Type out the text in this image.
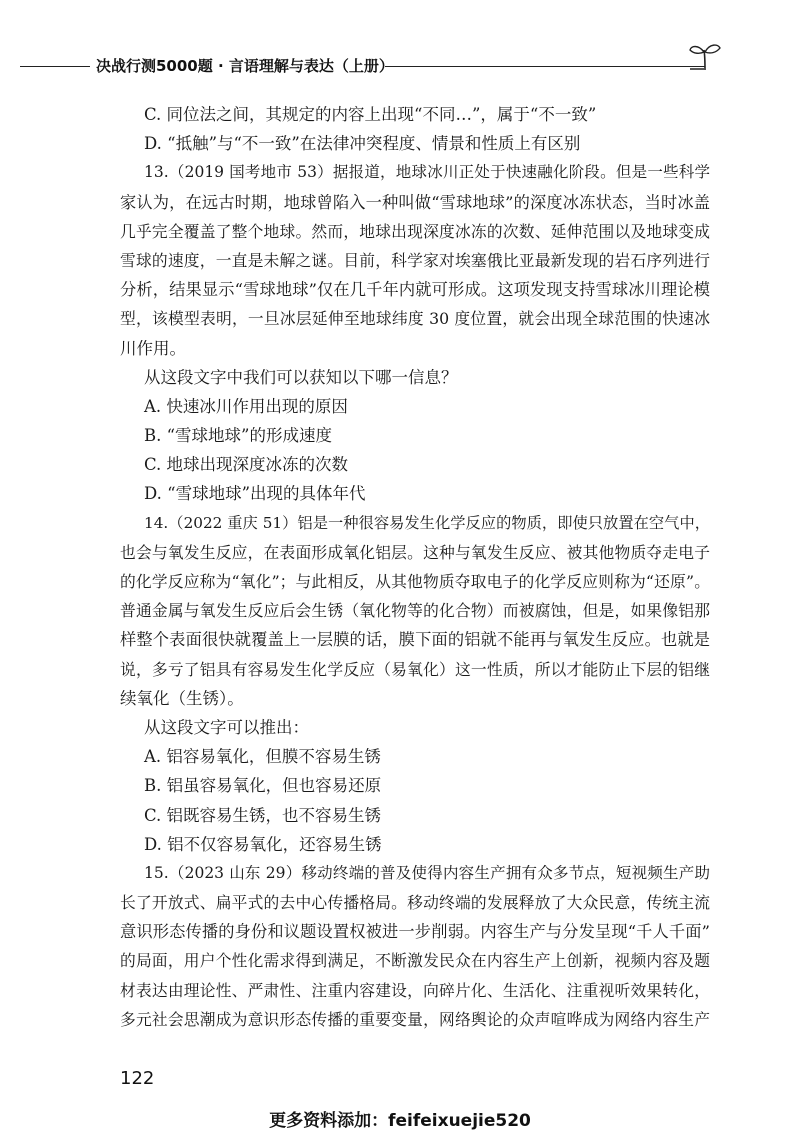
决战行测5000题 · 言语理解与表达（上册）
C. 同位法之间，其规定的内容上出现“不同…”，属于“不一致”
D. “抵触”与“不一致”在法律冲突程度、情景和性质上有区别
13.（2019 国考地市 53）据报道，地球冰川正处于快速融化阶段。但是一些科学
家认为，在远古时期，地球曾陷入一种叫做“雪球地球”的深度冰冻状态，当时冰盖
几乎完全覆盖了整个地球。然而，地球出现深度冰冻的次数、延伸范围以及地球变成
雪球的速度，一直是未解之谜。目前，科学家对埃塞俄比亚最新发现的岩石序列进行
分析，结果显示“雪球地球”仅在几千年内就可形成。这项发现支持雪球冰川理论模
型，该模型表明，一旦冰层延伸至地球纬度 30 度位置，就会出现全球范围的快速冰
川作用。
从这段文字中我们可以获知以下哪一信息？
A. 快速冰川作用出现的原因
B. “雪球地球”的形成速度
C. 地球出现深度冰冻的次数
D. “雪球地球”出现的具体年代
14.（2022 重庆 51）铝是一种很容易发生化学反应的物质，即使只放置在空气中，
也会与氧发生反应，在表面形成氧化铝层。这种与氧发生反应、被其他物质夺走电子
的化学反应称为“氧化”；与此相反，从其他物质夺取电子的化学反应则称为“还原”。
普通金属与氧发生反应后会生锈（氧化物等的化合物）而被腐蚀，但是，如果像铝那
样整个表面很快就覆盖上一层膜的话，膜下面的铝就不能再与氧发生反应。也就是
说，多亏了铝具有容易发生化学反应（易氧化）这一性质，所以才能防止下层的铝继
续氧化（生锈）。
从这段文字可以推出：
A. 铝容易氧化，但膜不容易生锈
B. 铝虽容易氧化，但也容易还原
C. 铝既容易生锈，也不容易生锈
D. 铝不仅容易氧化，还容易生锈
15.（2023 山东 29）移动终端的普及使得内容生产拥有众多节点，短视频生产助
长了开放式、扁平式的去中心传播格局。移动终端的发展释放了大众民意，传统主流
意识形态传播的身份和议题设置权被进一步削弱。内容生产与分发呈现“千人千面”
的局面，用户个性化需求得到满足，不断激发民众在内容生产上创新，视频内容及题
材表达由理论性、严肃性、注重内容建设，向碎片化、生活化、注重视听效果转化，
多元社会思潮成为意识形态传播的重要变量，网络舆论的众声喧哗成为网络内容生产
122
更多资料添加：feifeixuejie520
